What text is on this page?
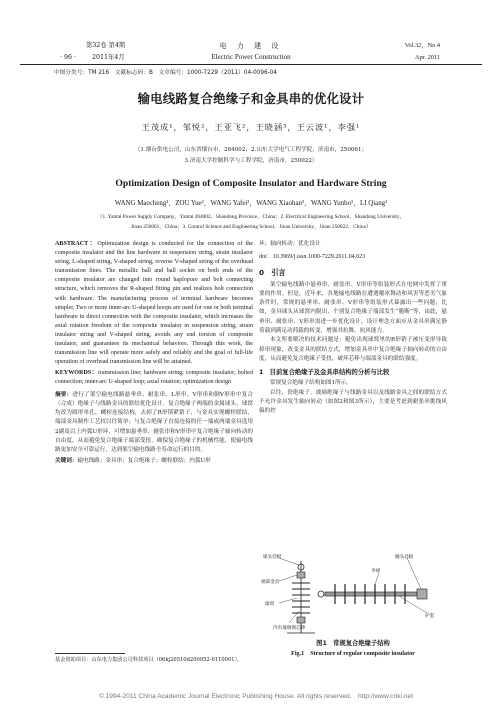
第32卷 第4期
· 96 ·	2011年4月
电 力 建 设
Electric Power Construction
Vol.32，No.4
Apr. 2011
中图分类号：TM 216　文献标志码：B　文章编号：1000-7229（2011）04-0096-04
输电线路复合绝缘子和金具串的优化设计
王茂成¹，邹悦²，王亚飞²，王晓涵³，王云波¹，李强¹
（1.烟台供电公司，山东省烟台市，264002；2.山东大学电气工程学院，济南市，250061；
3.济南大学控制科学与工程学院，济南市，250022）
Optimization Design of Composite Insulator and Hardware String
WANG Maocheng¹，ZOU Yue²，WANG Yafei²，WANG Xiaohan³，WANG Yunbo¹，LI Qiang¹
（1. Yantai Power Supply Company，Yantai 264002，Shandong Province，China；2. Electrical Engineering School，Shandong University，
Jinan 250061，China；3. Control Science and Engineering School，Jinan University，Jinan 250022，China）
ABSTRACT：Optimization design is conducted for the connection of the composite insulator and the line hardware in suspension string, strain insulator string, L-shaped string, V-shaped string, reverse V-shaped string of the overhead transmission lines. The metallic ball and ball socket on both ends of the composite insulator are changed into round haplopore and bolt connecting structure, which removes the R-shaped fitting pin and realizes bolt connection with hardware. The manufacturing process of terminal hardware becomes simpler. Two or more inner-arc U-shaped hoops are used for one or both terminal hardware in direct connection with the composite insulator, which increases the axial rotation freedom of the composite insulator in suspension string, strain insulator string and V-shaped string, avoids any end torsion of composite insulator, and guarantees its mechanical behaviors. Through this work, the transmission line will operate more safely and reliably and the goal of full-life operation of overhead transmission line will be attained.
KEYWORDS：transmission line; hardware string; composite insulator; bolted connection; inner-arc U-shaped loop; axial rotation; optimization design
摘要：进行了架空输电线路悬垂串、耐张串、L形串、V形串和倒V形串中复合（合成）绝缘子与线路金具的联结优化设计。复合绝缘子两端的金属球头、球窝均改为圆形单孔、螺栓连接结构，去掉了R形锁紧销子，与金具实现螺栓联结，端部金具制作工艺较以往简单；与复合绝缘子直接连接的任一端或两端金具选用2副及以上内弧U形环，可增加悬垂串、耐张串和V形串中复合绝缘子轴向转动的自由度，从而避免复合绝缘子端部受扭，确保复合绝缘子的机械性能，使输电线路更加安全可靠运行，达到架空输电线路全寿命运行的目的。
关键词：输电线路；金具串；复合绝缘子；螺栓联结；内弧U形
基金资助项目：山东电力集团公司科技项目（06kj20510d200952-0110001）。
环；轴向转动；优化设计
doi：10.3969/j.issn.1000-7229.2011.04.023
0　引言
架空输电线路中悬垂串、耐张串、V形串等组装形式在电网中发挥了重要的作用。但是，近年来，各地输电线路在遭遇覆冰舞动和风害等恶劣气象条件时，常规的悬垂串、耐张串、V形串等组装形式暴露出一些问题，比如，金具球头从球窝内脱出，个别复合绝缘子端部发生“脆断”等，由此，悬垂串、耐张串、V形串需进一步优化设计，设计理念方面应从金具串满足静荷载到满足动荷载的转变，增强其抗舞、抗风能力。
本文所要解决的技术问题是：避免出现球窝里的R形销子被压变形导致掉串现象，改变金具的联结方式，增加金具串中复合绝缘子轴向转动的自由度，从而避免复合绝缘子受扭，破坏芯棒与端部金具的联结强度。
1　目前复合绝缘子及金具串结构的分析与比较
常规复合绝缘子结构如图1所示。
以往，瓷绝缘子、玻璃绝缘子与线路金具以及线路金具之间的联结方式不允许金具发生轴向转动（如图2和图3所示），主要是考虑到耐张串挑线风偏的控
球头挂板	碗头挂板
端部金具
伞裙
护套
内有玻璃钢芯棒
球窝
图1　常规复合绝缘子结构
Fig.1　Structure of regular composite insulator
© 1994-2011 China Academic Journal Electronic Publishing House. All rights reserved.　http://www.cnki.net
